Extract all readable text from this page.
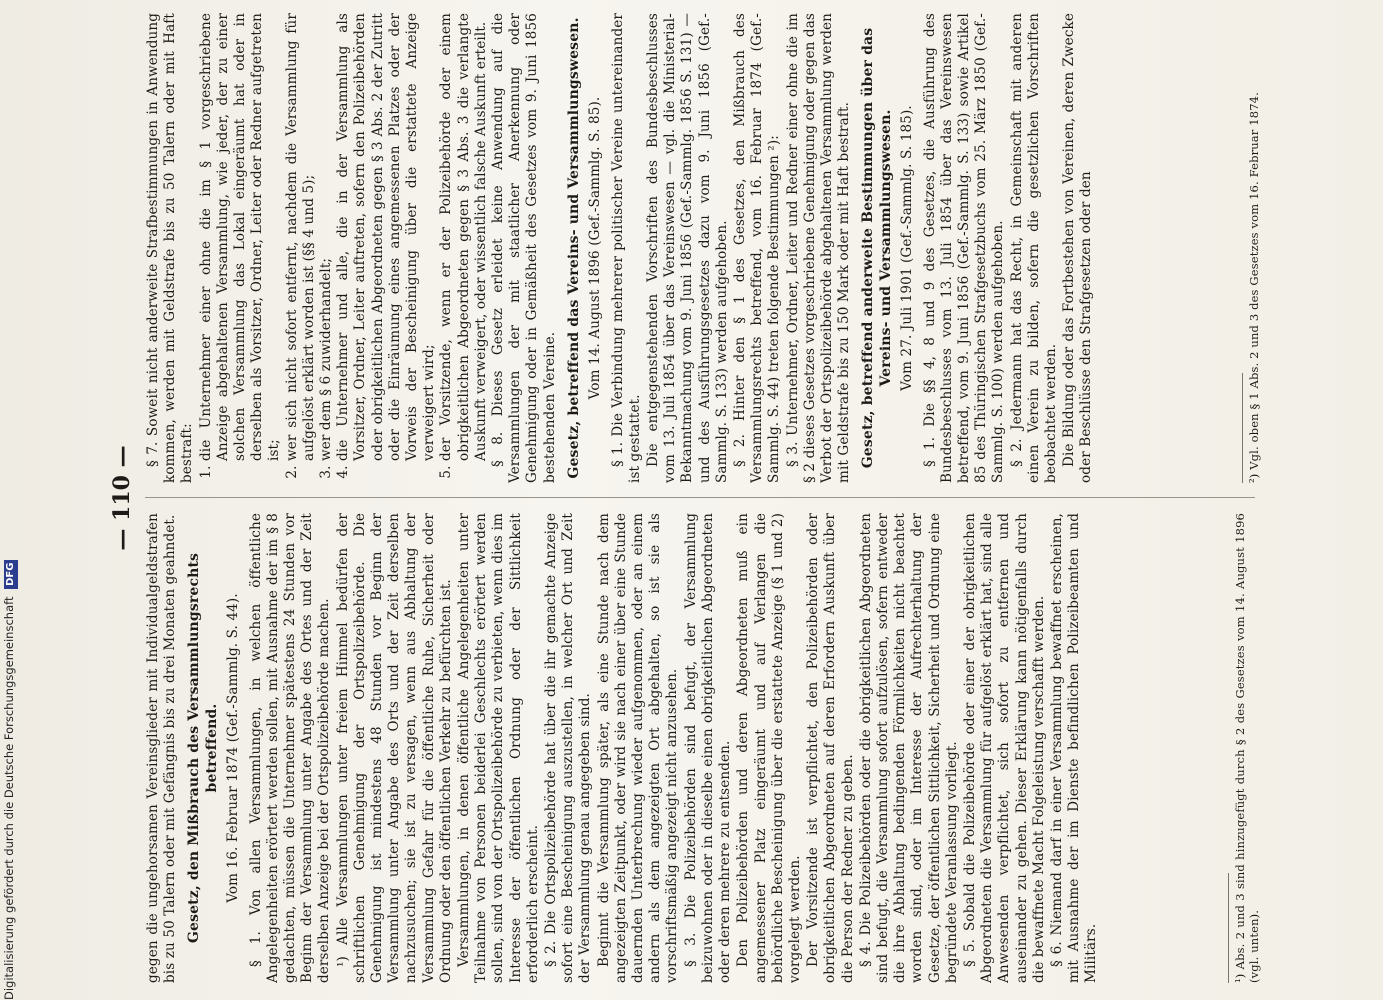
— 110 —

gegen die ungehorsamen Vereinsglieder mit Individualgeldstrafen bis zu 50 Talern oder mit Gefängnis bis zu drei Monaten geahndet. Gesetz, den Mißbrauch des Versammlungsrechts betreffend. Vom 16. Februar 1874 (Gef.-Sammlg. S. 44). § 1. Von allen Versammlungen, in welchen öffentliche Angelegenheiten erörtert werden sollen, mit Ausnahme der im § 8 gedachten, müssen die Unternehmer spätestens 24 Stunden vor Beginn der Versammlung unter Angabe des Ortes und der Zeit derselben Anzeige bei der Ortspolizeibehörde machen. ¹) Alle Versammlungen unter freiem Himmel bedürfen der schriftlichen Genehmigung der Ortspolizeibehörde. Die Genehmigung ist mindestens 48 Stunden vor Beginn der Versammlung unter Angabe des Orts und der Zeit derselben nachzusuchen; sie ist zu versagen, wenn aus Abhaltung der Versammlung Gefahr für die öffentliche Ruhe, Sicherheit oder Ordnung oder den öffentlichen Verkehr zu befürchten ist. Versammlungen, in denen öffentliche Angelegenheiten unter Teilnahme von Personen beiderlei Geschlechts erörtert werden sollen, sind von der Ortspolizeibehörde zu verbieten, wenn dies im Interesse der öffentlichen Ordnung oder der Sittlichkeit erforderlich erscheint. § 2. Die Ortspolizeibehörde hat über die ihr gemachte Anzeige sofort eine Bescheinigung auszustellen, in welcher Ort und Zeit der Versammlung genau angegeben sind. Beginnt die Versammlung später, als eine Stunde nach dem angezeigten Zeitpunkt, oder wird sie nach einer über eine Stunde dauernden Unterbrechung wieder aufgenommen, oder an einem andern als dem angezeigten Ort abgehalten, so ist sie als vorschriftsmäßig angezeigt nicht anzusehen. § 3. Die Polizeibehörden sind befugt, der Versammlung beizuwohnen oder in dieselbe einen obrigkeitlichen Abgeordneten oder deren mehrere zu entsenden. Den Polizeibehörden und deren Abgeordneten muß ein angemessener Platz eingeräumt und auf Verlangen die behördliche Bescheinigung über die erstattete Anzeige (§ 1 und 2) vorgelegt werden. Der Vorsitzende ist verpflichtet, den Polizeibehörden oder obrigkeitlichen Abgeordneten auf deren Erfordern Auskunft über die Person der Redner zu geben. § 4. Die Polizeibehörden oder die obrigkeitlichen Abgeordneten sind befugt, die Versammlung sofort aufzulösen, sofern entweder die ihre Abhaltung bedingenden Förmlichkeiten nicht beachtet worden sind, oder im Interesse der Aufrechterhaltung der Gesetze, der öffentlichen Sittlichkeit, Sicherheit und Ordnung eine begründete Veranlassung vorliegt. § 5. Sobald die Polizeibehörde oder einer der obrigkeitlichen Abgeordneten die Versammlung für aufgelöst erklärt hat, sind alle Anwesenden verpflichtet, sich sofort zu entfernen und auseinander zu gehen. Dieser Erklärung kann nötigenfalls durch die bewaffnete Macht Folgeleistung verschafft werden. § 6. Niemand darf in einer Versammlung bewaffnet erscheinen, mit Ausnahme der im Dienste befindlichen Polizeibeamten und Militärs.	¹) Abs. 2 und 3 sind hinzugefügt durch § 2 des Gesetzes vom 14. August 1896 (vgl. unten).

§ 7. Soweit nicht anderweite Strafbestimmungen in Anwendung kommen, werden mit Geldstrafe bis zu 50 Talern oder mit Haft bestraft: 1. die Unternehmer einer ohne die im § 1 vorgeschriebene Anzeige abgehaltenen Versammlung, wie jeder, der zu einer solchen Versammlung das Lokal eingeräumt hat oder in derselben als Vorsitzer, Ordner, Leiter oder Redner aufgetreten ist; 2. wer sich nicht sofort entfernt, nachdem die Versammlung für aufgelöst erklärt worden ist (§§ 4 und 5); 3. wer dem § 6 zuwiderhandelt; 4. die Unternehmer und alle, die in der Versammlung als Vorsitzer, Ordner, Leiter auftreten, sofern den Polizeibehörden oder obrigkeitlichen Abgeordneten gegen § 3 Abs. 2 der Zutritt oder die Einräumung eines angemessenen Platzes oder der Vorweis der Bescheinigung über die erstattete Anzeige verweigert wird; 5. der Vorsitzende, wenn er der Polizeibehörde oder einem obrigkeitlichen Abgeordneten gegen § 3 Abs. 3 die verlangte Auskunft verweigert, oder wissentlich falsche Auskunft erteilt. § 8. Dieses Gesetz erleidet keine Anwendung auf die Versammlungen der mit staatlicher Anerkennung oder Genehmigung oder in Gemäßheit des Gesetzes vom 9. Juni 1856 bestehenden Vereine. Gesetz, betreffend das Vereins- und Versammlungswesen. Vom 14. August 1896 (Gef.-Sammlg. S. 85). § 1. Die Verbindung mehrerer politischer Vereine untereinander ist gestattet. Die entgegenstehenden Vorschriften des Bundesbeschlusses vom 13. Juli 1854 über das Vereinswesen — vgl. die Ministerial-Bekanntmachung vom 9. Juni 1856 (Gef.-Sammlg. 1856 S. 131) — und des Ausführungsgesetzes dazu vom 9. Juni 1856 (Gef.-Sammlg. S. 133) werden aufgehoben. § 2. Hinter den § 1 des Gesetzes, den Mißbrauch des Versammlungsrechts betreffend, vom 16. Februar 1874 (Gef.-Sammlg. S. 44) treten folgende Bestimmungen ²): § 3. Unternehmer, Ordner, Leiter und Redner einer ohne die im § 2 dieses Gesetzes vorgeschriebene Genehmigung oder gegen das Verbot der Ortspolizeibehörde abgehaltenen Versammlung werden mit Geldstrafe bis zu 150 Mark oder mit Haft bestraft. Gesetz, betreffend anderweite Bestimmungen über das Vereins- und Versammlungswesen. Vom 27. Juli 1901 (Gef.-Sammlg. S. 185). § 1. Die §§ 4, 8 und 9 des Gesetzes, die Ausführung des Bundesbeschlusses vom 13. Juli 1854 über das Vereinswesen betreffend, vom 9. Juni 1856 (Gef.-Sammlg. S. 133) sowie Artikel 85 des Thüringischen Strafgesetzbuchs vom 25. März 1850 (Gef.-Sammlg. S. 100) werden aufgehoben. § 2. Jedermann hat das Recht, in Gemeinschaft mit anderen einen Verein zu bilden, sofern die gesetzlichen Vorschriften beobachtet werden. Die Bildung oder das Fortbestehen von Vereinen, deren Zwecke oder Beschlüsse den Strafgesetzen oder den	²) Vgl. oben § 1 Abs. 2 und 3 des Gesetzes vom 16. Februar 1874.

Digitalisierung gefördert durch die Deutsche Forschungsgemeinschaft DFG
